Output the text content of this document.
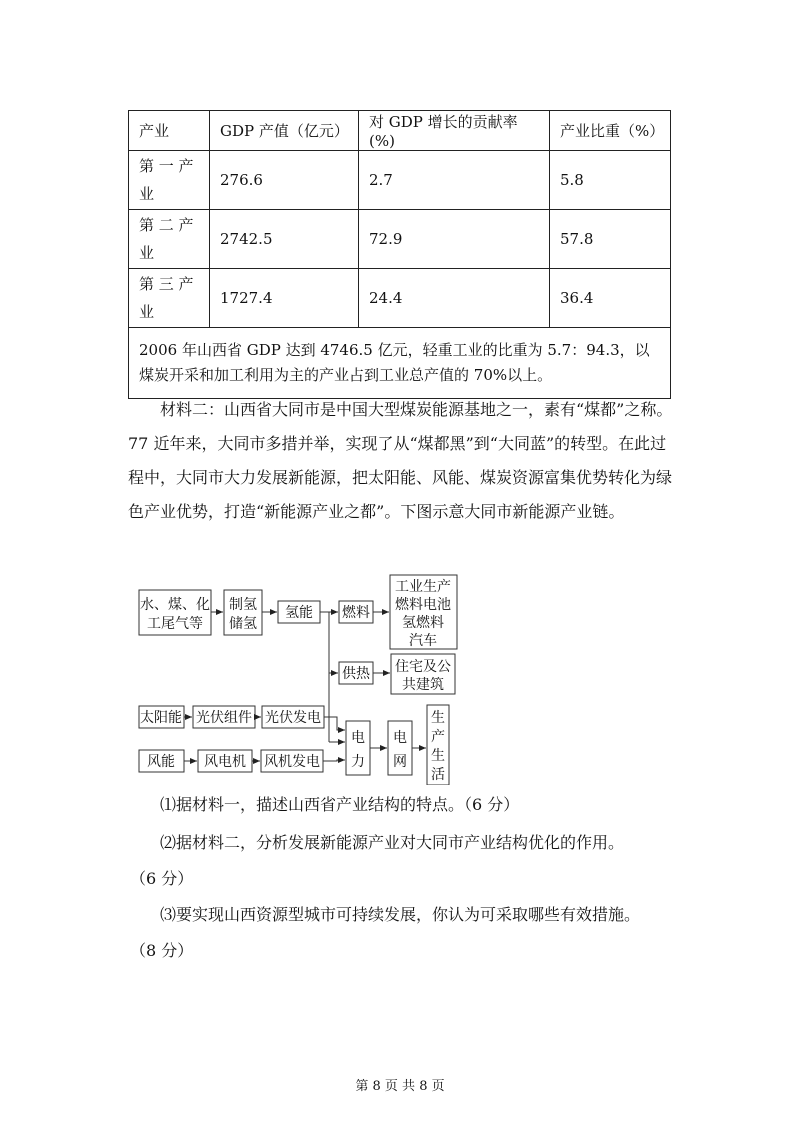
产业	GDP 产值（亿元）	对 GDP 增长的贡献率(%)	产业比重（%）
第 一 产
业	276.6	2.7	5.8
第 二 产
业	2742.5	72.9	57.8
第 三 产
业	1727.4	24.4	36.4
2006 年山西省 GDP 达到 4746.5 亿元，轻重工业的比重为 5.7：94.3，以煤炭开采和加工利用为主的产业占到工业总产值的 70%以上。			

材料二：山西省大同市是中国大型煤炭能源基地之一，素有“煤都”之称。77 近年来，大同市多措并举，实现了从“煤都黑”到“大同蓝”的转型。在此过程中，大同市大力发展新能源，把太阳能、风能、煤炭资源富集优势转化为绿色产业优势，打造“新能源产业之都”。下图示意大同市新能源产业链。

水、煤、化
工尾气等
制氢
储氢
氢能 燃料
工业生产
燃料电池
氢燃料
汽车
供热 住宅及公
共建筑
太阳能 光伏组件 光伏发电
风能 风电机 风机发电
电
力
电
网
生
产
生
活

⑴据材料一，描述山西省产业结构的特点。（6 分）

⑵据材料二，分析发展新能源产业对大同市产业结构优化的作用。

（6 分）

⑶要实现山西资源型城市可持续发展，你认为可采取哪些有效措施。

（8 分）

第 8 页 共 8 页
